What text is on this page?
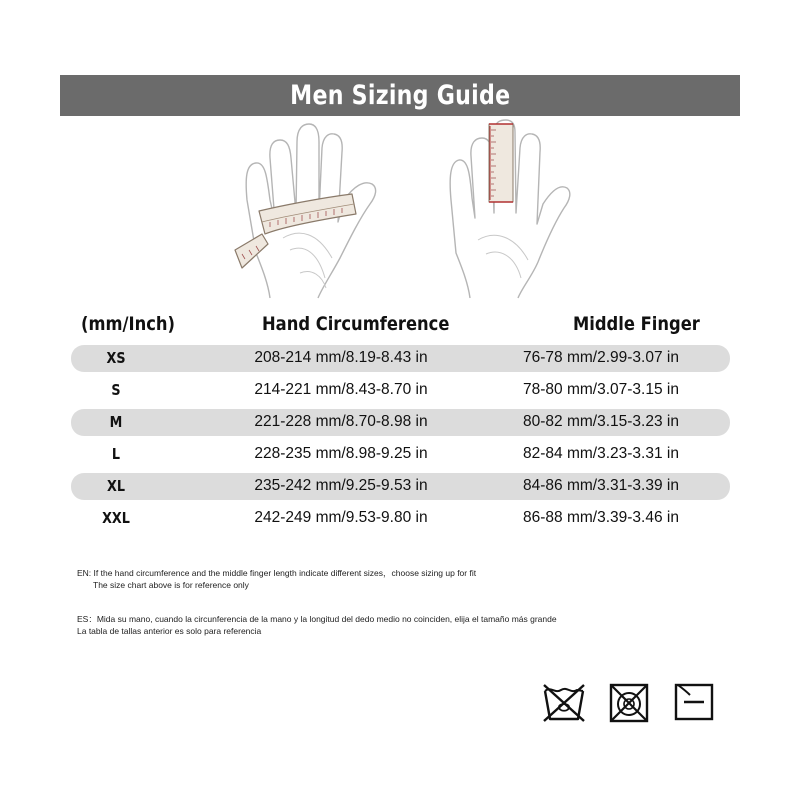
Men Sizing Guide
(mm/Inch)	Hand Circumference	Middle Finger
XS	208-214 mm/8.19-8.43 in	76-78 mm/2.99-3.07 in
S	214-221 mm/8.43-8.70 in	78-80 mm/3.07-3.15 in
M	221-228 mm/8.70-8.98 in	80-82 mm/3.15-3.23 in
L	228-235 mm/8.98-9.25 in	82-84 mm/3.23-3.31 in
XL	235-242 mm/9.25-9.53 in	84-86 mm/3.31-3.39 in
XXL	242-249 mm/9.53-9.80 in	86-88 mm/3.39-3.46 in
EN: If the hand circumference and the middle finger length indicate different sizes，choose sizing up for fit
The size chart above is for reference only
ES：Mida su mano, cuando la circunferencia de la mano y la longitud del dedo medio no coinciden, elija el tamaño más grande
La tabla de tallas anterior es solo para referencia
